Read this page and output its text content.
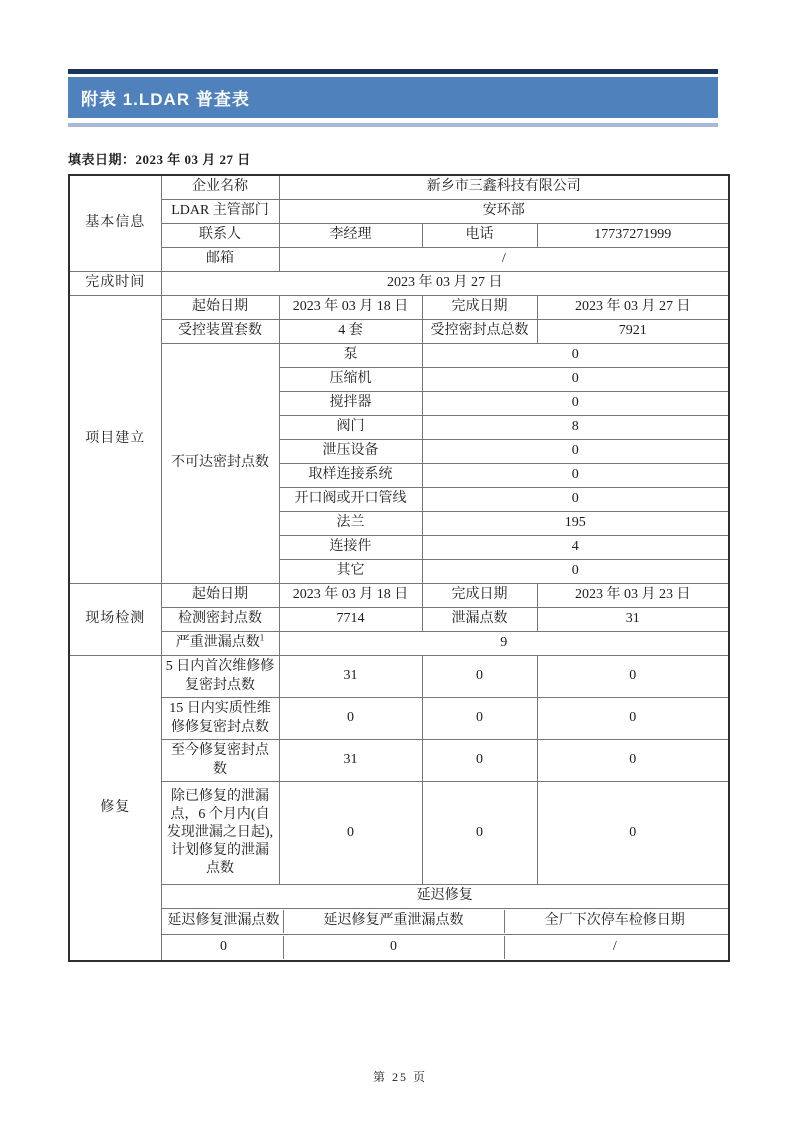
附表 1.LDAR 普查表
填表日期：2023 年 03 月 27 日
基本信息	企业名称	新乡市三鑫科技有限公司		
	LDAR 主管部门	安环部		
	联系人	李经理	电话	17737271999
	邮箱	/		
完成时间	2023 年 03 月 27 日			
项目建立	起始日期	2023 年 03 月 18 日	完成日期	2023 年 03 月 27 日
	受控装置套数	4 套	受控密封点总数	7921
	不可达密封点数	泵	0	
		压缩机	0	
		搅拌器	0	
		阀门	8	
		泄压设备	0	
		取样连接系统	0	
		开口阀或开口管线	0	
		法兰	195	
		连接件	4	
		其它	0	
现场检测	起始日期	2023 年 03 月 18 日	完成日期	2023 年 03 月 23 日
	检测密封点数	7714	泄漏点数	31
	严重泄漏点数$^1$	9		
修复	5 日内首次维修修复密封点数	31	0	0
	15 日内实质性维修修复密封点数	0	0	0
	至今修复密封点数	31	0	0
	除已修复的泄漏点，6 个月内(自发现泄漏之日起),计划修复的泄漏点数	0	0	0
	延迟修复			

延迟修复泄漏点数 延迟修复严重泄漏点数 全厂下次停车检修日期			

0 0 /			
第 25 页
